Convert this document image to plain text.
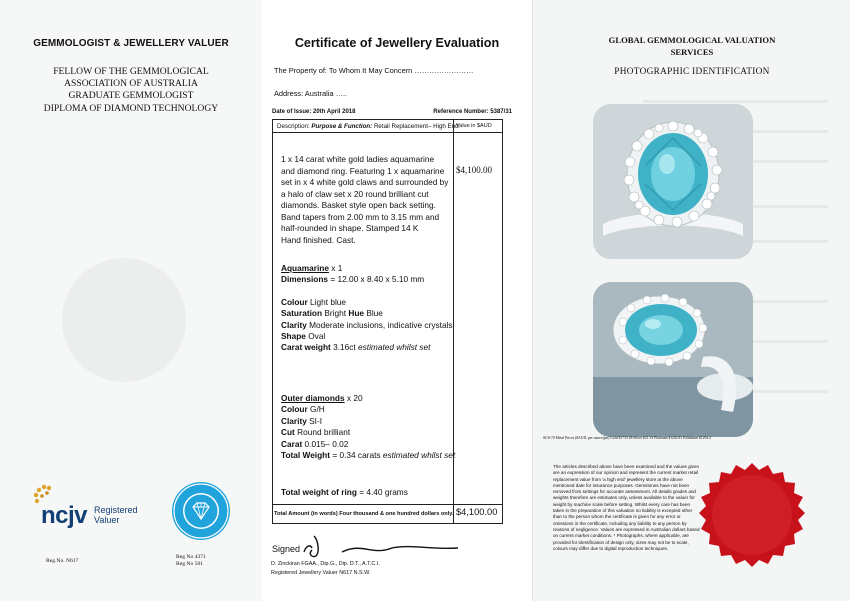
GEMMOLOGIST & JEWELLERY VALUER
FELLOW OF THE GEMMOLOGICAL
ASSOCIATION OF AUSTRALIA
GRADUATE GEMMOLOGIST
DIPLOMA OF DIAMOND TECHNOLOGY
ncjv Registered
Valuer
Reg.No. N617
Reg No 4371
Reg No 501
Certificate of Jewellery Evaluation
The Property of: To Whom It May Concern ……………………
Address: Australia …..
Date of Issue: 20th April 2018	Reference Number: 5387/31
Description: Purpose & Function: Retail Replacement– High End
Value in $AUD
1 x 14 carat white gold ladies aquamarine and diamond ring. Featuring 1 x aquamarine set in x 4 white gold claws and surrounded by a halo of claw set x 20 round brilliant cut diamonds. Basket style open back setting. Band tapers from 2.00 mm to 3.15 mm and half-rounded in shape. Stamped 14 K
Hand finished. Cast.
$4,100.00
Aquamarine x 1
Dimensions = 12.00 x 8.40 x 5.10 mm
Colour Light blue
Saturation Bright Hue Blue
Clarity Moderate inclusions, indicative crystals
Shape Oval
Carat weight 3.16ct estimated whilst set
Outer diamonds x 20
Colour G/H
Clarity SI-I
Cut Round brilliant
Carat 0.015– 0.02
Total Weight = 0.34 carats estimated whilst set
Total weight of ring = 4.40 grams
Total Amount (in words) Four thousand & one hundred dollars only. $4,100.00
Signed
D. Zinckiran FGAA., Dip.G., Dip. D.T., A.T.C.I.
Registered Jewellery Valuer N617 N.S.W.
GLOBAL GEMMOLOGICAL VALUATION
SERVICES
PHOTOGRAPHIC IDENTIFICATION
SUS-70 Metal Prices ($AUD. per ounce/gm) Gold $1733.48 Silver $21.33 Platinum $1202.81 Palladium $1294.2
The articles described above have been examined and the values given are an expression of our opinion and represent the current market retail replacement value from 'a high end' jewellery store at the above mentioned date for insurance purposes. Gemstones have not been removed from settings for accurate assessment. All details grades and weights therefore are estimates only, unless available to the valuer for weight by machine scale before setting. Whilst every care has been taken in the preparation of this valuation no liability is excepted other than to the person whom the certificate is given for any error or omissions in the certificate, including any liability to any person by reasons of negligence. Values are expressed in Australian dollars based on current market conditions. * Photographs, where applicable, are provided for identification of design only, sizes may not be to scale, colours may differ due to digital reproduction techniques.
